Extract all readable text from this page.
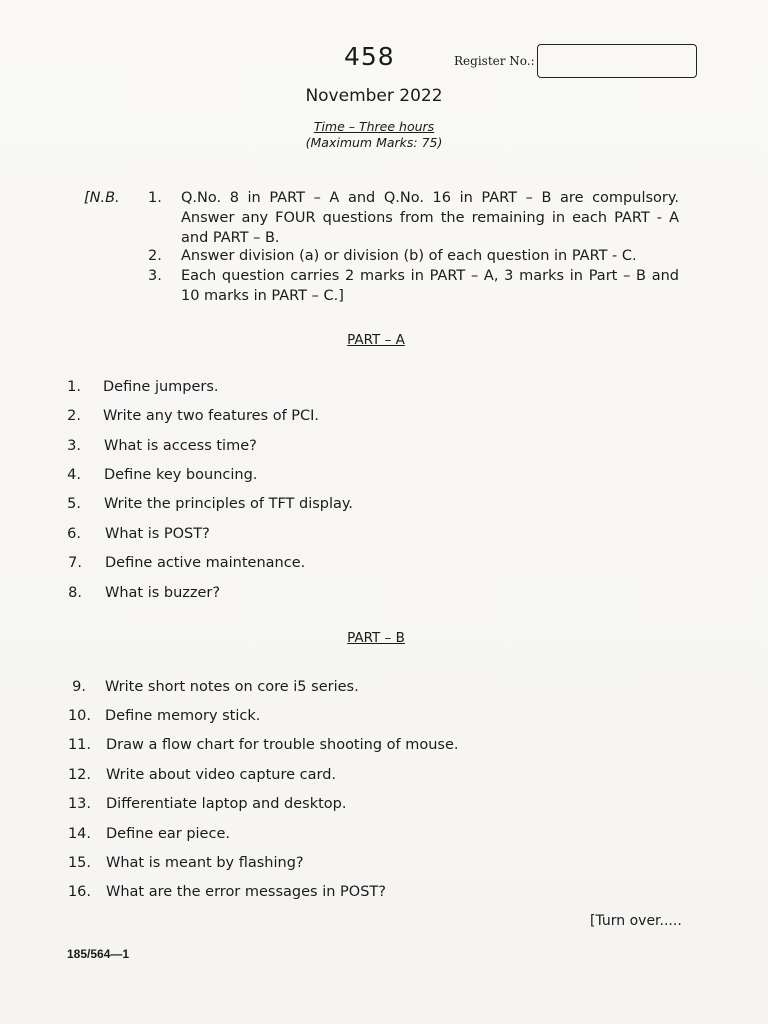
458	Register No.:
November 2022
Time – Three hours
(Maximum Marks: 75)
[N.B. 1. Q.No. 8 in PART – A and Q.No. 16 in PART – B are compulsory. Answer any FOUR questions from the remaining in each PART - A and PART – B.
2. Answer division (a) or division (b) of each question in PART - C.
3. Each question carries 2 marks in PART – A, 3 marks in Part – B and 10 marks in PART – C.]
PART – A
1. Define jumpers.
2. Write any two features of PCI.
3. What is access time?
4. Define key bouncing.
5. Write the principles of TFT display.
6. What is POST?
7. Define active maintenance.
8. What is buzzer?
PART – B
9. Write short notes on core i5 series.
10. Define memory stick.
11. Draw a flow chart for trouble shooting of mouse.
12. Write about video capture card.
13. Differentiate laptop and desktop.
14. Define ear piece.
15. What is meant by flashing?
16. What are the error messages in POST?
[Turn over.....
185/564—1
